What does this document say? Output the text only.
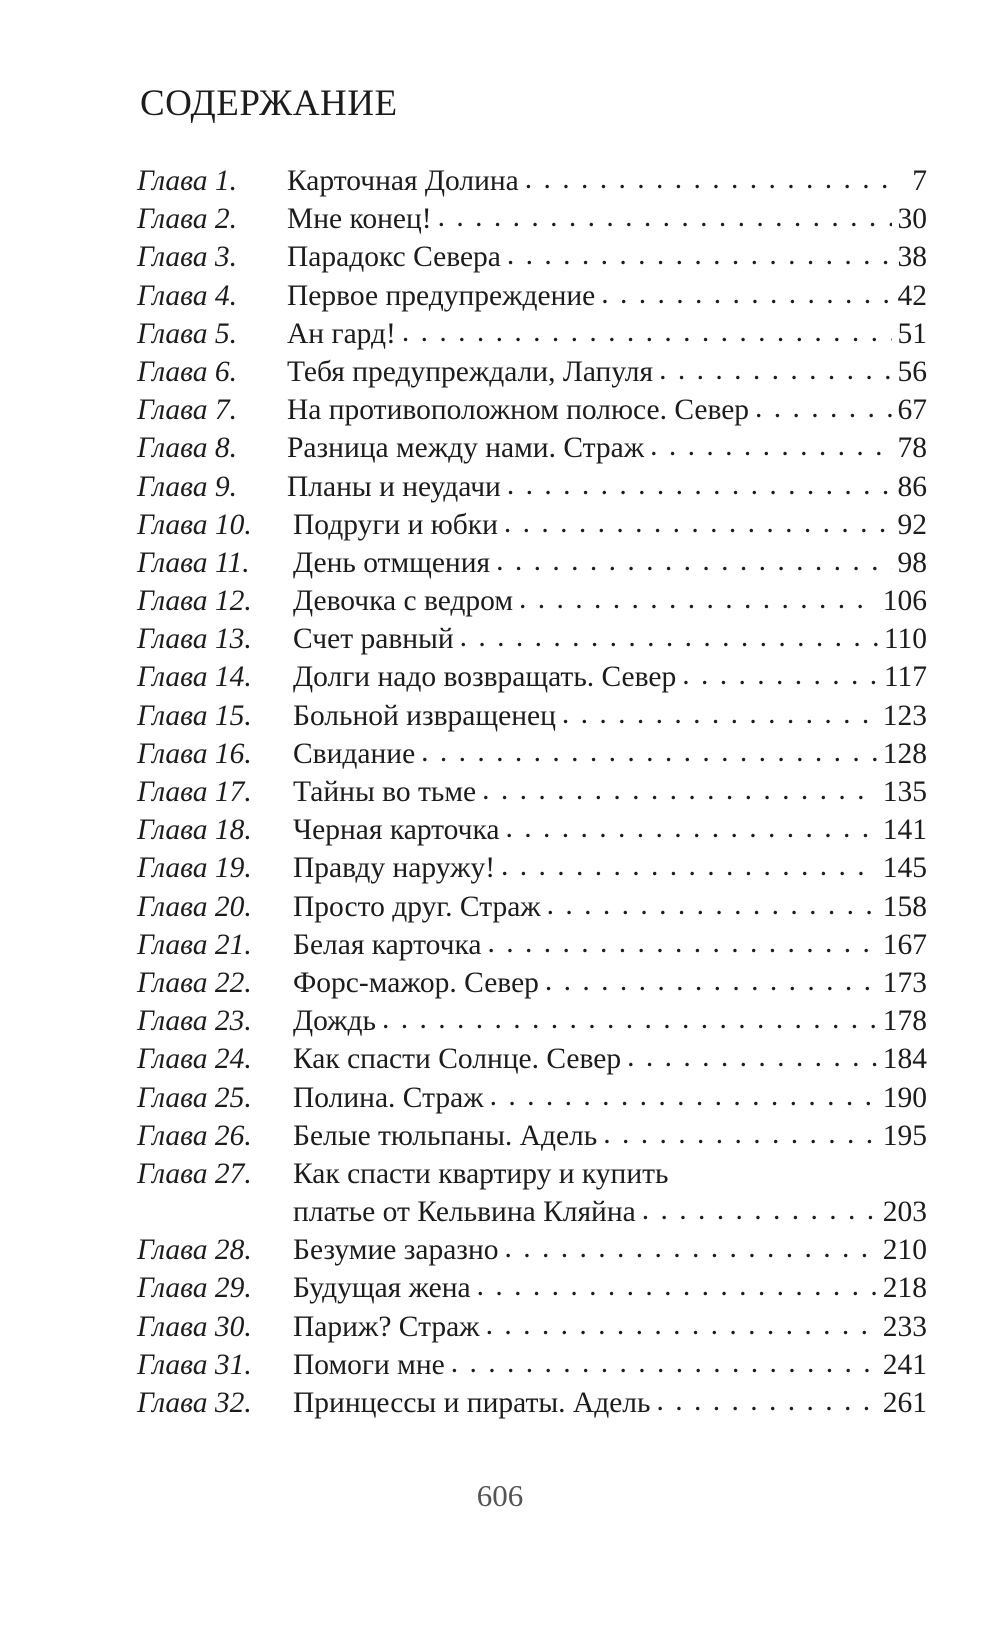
СОДЕРЖАНИЕ
Глава 1.	Карточная Долина . . .	7
Глава 2.	Мне конец! . . .	30
Глава 3.	Парадокс Севера . . .	38
Глава 4.	Первое предупреждение . . .	42
Глава 5.	Ан гард! . . .	51
Глава 6.	Тебя предупреждали, Лапуля . . .	56
Глава 7.	На противоположном полюсе. Север . . .	67
Глава 8.	Разница между нами. Страж . . .	78
Глава 9.	Планы и неудачи . . .	86
Глава 10.	Подруги и юбки . . .	92
Глава 11.	День отмщения . . .	98
Глава 12.	Девочка с ведром . . .	106
Глава 13.	Счет равный . . .	110
Глава 14.	Долги надо возвращать. Север . . .	117
Глава 15.	Больной извращенец . . .	123
Глава 16.	Свидание . . .	128
Глава 17.	Тайны во тьме . . .	135
Глава 18.	Черная карточка . . .	141
Глава 19.	Правду наружу! . . .	145
Глава 20.	Просто друг. Страж . . .	158
Глава 21.	Белая карточка . . .	167
Глава 22.	Форс-мажор. Север . . .	173
Глава 23.	Дождь . . .	178
Глава 24.	Как спасти Солнце. Север . . .	184
Глава 25.	Полина. Страж . . .	190
Глава 26.	Белые тюльпаны. Адель . . .	195
Глава 27.	Как спасти квартиру и купить
платье от Кельвина Кляйна . . .	203
Глава 28.	Безумие заразно . . .	210
Глава 29.	Будущая жена . . .	218
Глава 30.	Париж? Страж . . .	233
Глава 31.	Помоги мне . . .	241
Глава 32.	Принцессы и пираты. Адель . . .	261
606
